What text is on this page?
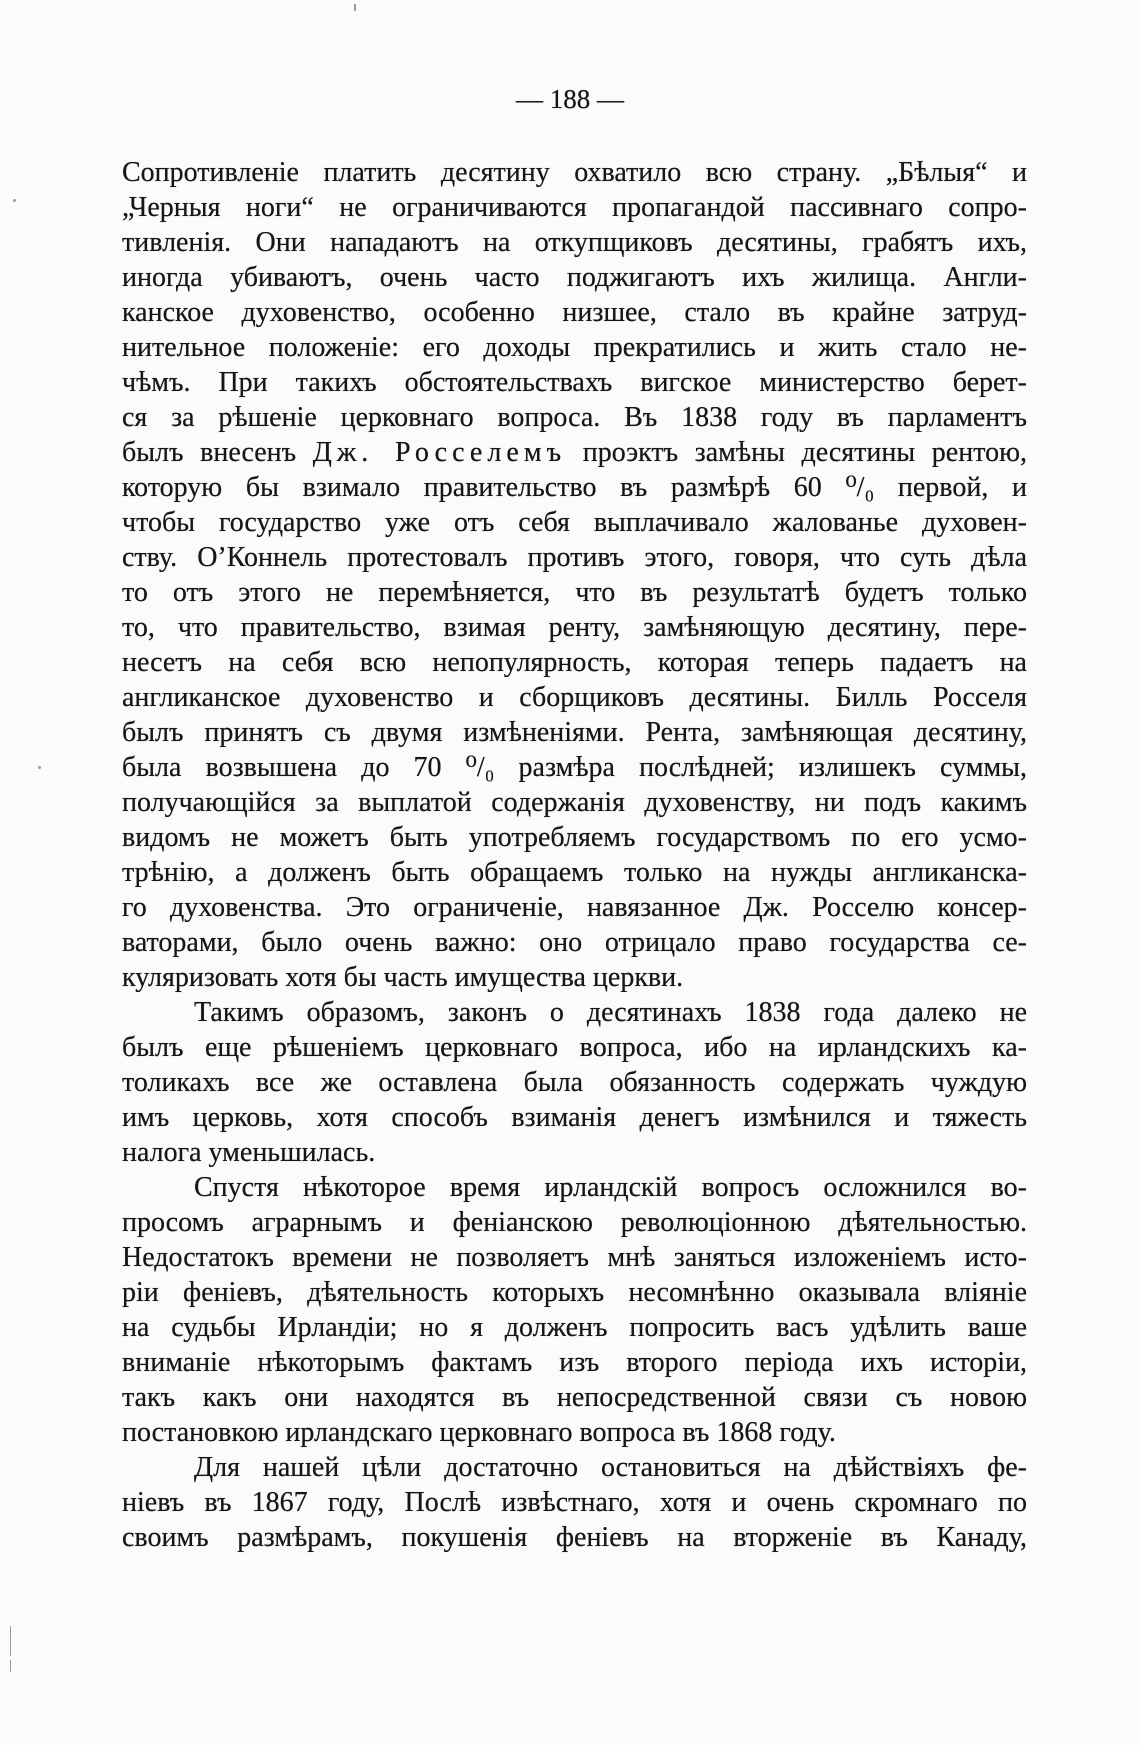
— 188 —
Сопротивленіе платить десятину охватило всю страну. „Бѣлыя“ и
„Черныя ноги“ не ограничиваются пропагандой пассивнаго сопро-
тивленія. Они нападаютъ на откупщиковъ десятины, грабятъ ихъ,
иногда убиваютъ, очень часто поджигаютъ ихъ жилища. Англи-
канское духовенство, особенно низшее, стало въ крайне затруд-
нительное положеніе: его доходы прекратились и жить стало не-
чѣмъ. При такихъ обстоятельствахъ вигское министерство берет-
ся за рѣшеніе церковнаго вопроса. Въ 1838 году въ парламентъ
былъ внесенъ Дж. Росселемъ проэктъ замѣны десятины рентою,
которую бы взимало правительство въ размѣрѣ 60 ⁰/₀ первой, и
чтобы государство уже отъ себя выплачивало жалованье духовен-
ству. О’Коннель протестовалъ противъ этого, говоря, что суть дѣла
то отъ этого не перемѣняется, что въ результатѣ будетъ только
то, что правительство, взимая ренту, замѣняющую десятину, пере-
несетъ на себя всю непопулярность, которая теперь падаетъ на
англиканское духовенство и сборщиковъ десятины. Билль Росселя
былъ принятъ съ двумя измѣненіями. Рента, замѣняющая десятину,
была возвышена до 70 ⁰/₀ размѣра послѣдней; излишекъ суммы,
получающійся за выплатой содержанія духовенству, ни подъ какимъ
видомъ не можетъ быть употребляемъ государствомъ по его усмо-
трѣнію, а долженъ быть обращаемъ только на нужды англиканска-
го духовенства. Это ограниченіе, навязанное Дж. Росселю консер-
ваторами, было очень важно: оно отрицало право государства се-
куляризовать хотя бы часть имущества церкви.
Такимъ образомъ, законъ о десятинахъ 1838 года далеко не
былъ еще рѣшеніемъ церковнаго вопроса, ибо на ирландскихъ ка-
толикахъ все же оставлена была обязанность содержать чуждую
имъ церковь, хотя способъ взиманія денегъ измѣнился и тяжесть
налога уменьшилась.
Спустя нѣкоторое время ирландскій вопросъ осложнился во-
просомъ аграрнымъ и феніанскою революціонною дѣятельностью.
Недостатокъ времени не позволяетъ мнѣ заняться изложеніемъ исто-
ріи феніевъ, дѣятельность которыхъ несомнѣнно оказывала вліяніе
на судьбы Ирландіи; но я долженъ попросить васъ удѣлить ваше
вниманіе нѣкоторымъ фактамъ изъ второго періода ихъ исторіи,
такъ какъ они находятся въ непосредственной связи съ новою
постановкою ирландскаго церковнаго вопроса въ 1868 году.
Для нашей цѣли достаточно остановиться на дѣйствіяхъ фе-
ніевъ въ 1867 году, Послѣ извѣстнаго, хотя и очень скромнаго по
своимъ размѣрамъ, покушенія феніевъ на вторженіе въ Канаду,
